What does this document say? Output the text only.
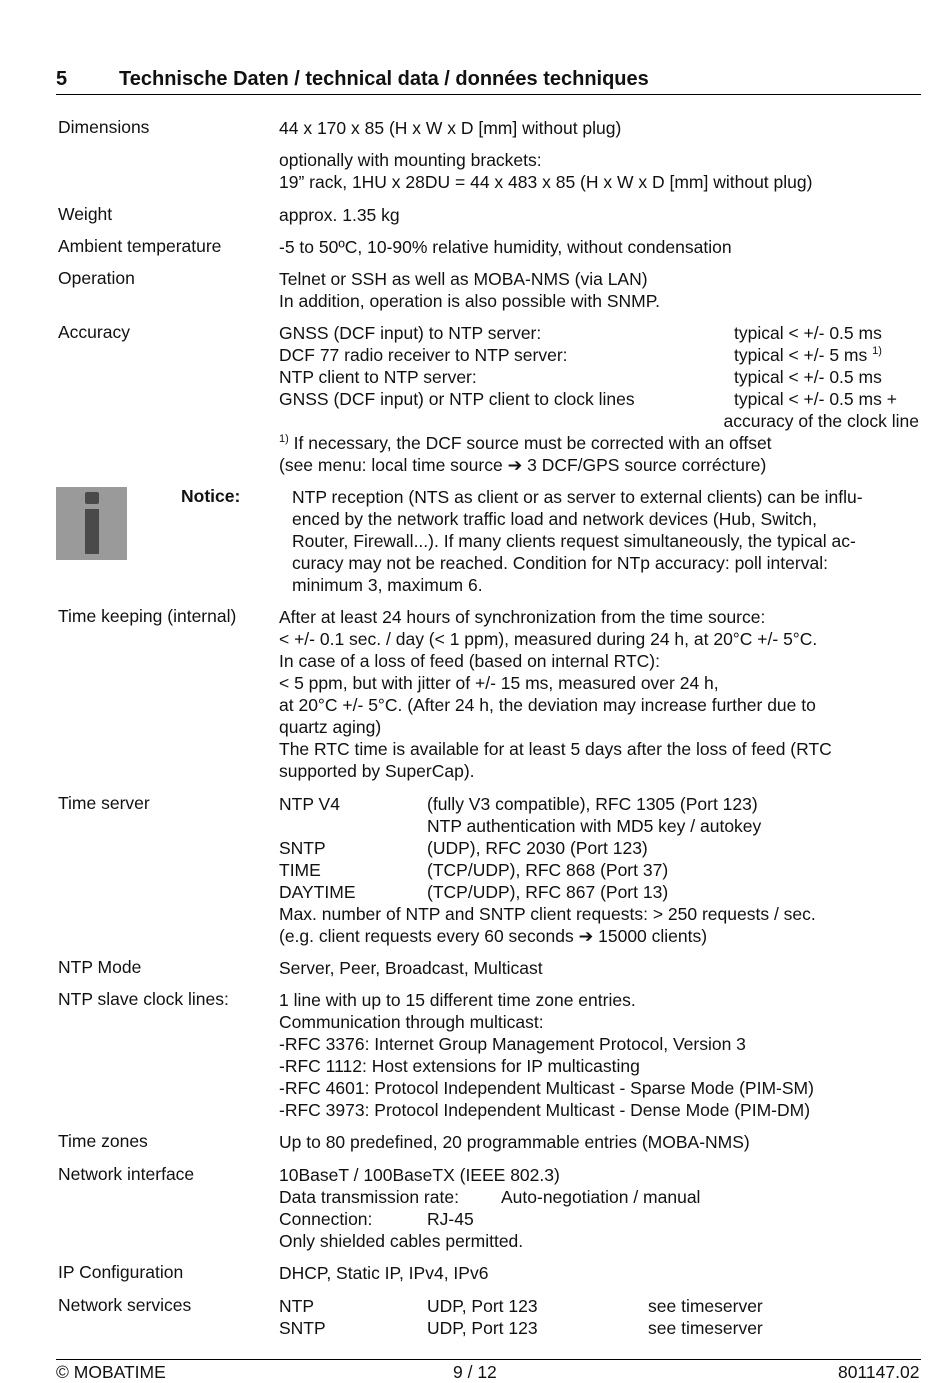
5	Technische Daten / technical data / données techniques
Dimensions	44 x 170 x 85 (H x W x D [mm] without plug)
optionally with mounting brackets:
19” rack, 1HU x 28DU = 44 x 483 x 85 (H x W x D [mm] without plug)
Weight	approx. 1.35 kg
Ambient temperature	-5 to 50ºC, 10-90% relative humidity, without condensation
Operation	Telnet or SSH as well as MOBA-NMS (via LAN)
In addition, operation is also possible with SNMP.
Accuracy	GNSS (DCF input) to NTP server:	typical < +/- 0.5 ms
DCF 77 radio receiver to NTP server:	typical < +/- 5 ms $^{1)}$
NTP client to NTP server:	typical < +/- 0.5 ms
GNSS (DCF input) or NTP client to clock lines	typical < +/- 0.5 ms +
accuracy of the clock line
$^{1)}$ If necessary, the DCF source must be corrected with an offset
(see menu: local time source ➔ 3 DCF/GPS source corrécture)
Notice:	NTP reception (NTS as client or as server to external clients) can be influ-
enced by the network traffic load and network devices (Hub, Switch,
Router, Firewall...). If many clients request simultaneously, the typical ac-
curacy may not be reached. Condition for NTp accuracy: poll interval:
minimum 3, maximum 6.
Time keeping (internal) After at least 24 hours of synchronization from the time source:
< +/- 0.1 sec. / day (< 1 ppm), measured during 24 h, at 20°C +/- 5°C.
In case of a loss of feed (based on internal RTC):
< 5 ppm, but with jitter of +/- 15 ms, measured over 24 h,
at 20°C +/- 5°C. (After 24 h, the deviation may increase further due to
quartz aging)
The RTC time is available for at least 5 days after the loss of feed (RTC
supported by SuperCap).
Time server	NTP V4	(fully V3 compatible), RFC 1305 (Port 123)
NTP authentication with MD5 key / autokey
SNTP	(UDP), RFC 2030 (Port 123)
TIME	(TCP/UDP), RFC 868 (Port 37)
DAYTIME	(TCP/UDP), RFC 867 (Port 13)
Max. number of NTP and SNTP client requests: > 250 requests / sec.
(e.g. client requests every 60 seconds ➔ 15000 clients)
NTP Mode	Server, Peer, Broadcast, Multicast
NTP slave clock lines:	1 line with up to 15 different time zone entries.
Communication through multicast:
-RFC 3376: Internet Group Management Protocol, Version 3
-RFC 1112: Host extensions for IP multicasting
-RFC 4601: Protocol Independent Multicast - Sparse Mode (PIM-SM)
-RFC 3973: Protocol Independent Multicast - Dense Mode (PIM-DM)
Time zones	Up to 80 predefined, 20 programmable entries (MOBA-NMS)
Network interface	10BaseT / 100BaseTX (IEEE 802.3)
Data transmission rate: Auto-negotiation / manual
Connection:	RJ-45
Only shielded cables permitted.
IP Configuration	DHCP, Static IP, IPv4, IPv6
Network services	NTP	UDP, Port 123	see timeserver
SNTP	UDP, Port 123	see timeserver
© MOBATIME	9 / 12	801147.02
